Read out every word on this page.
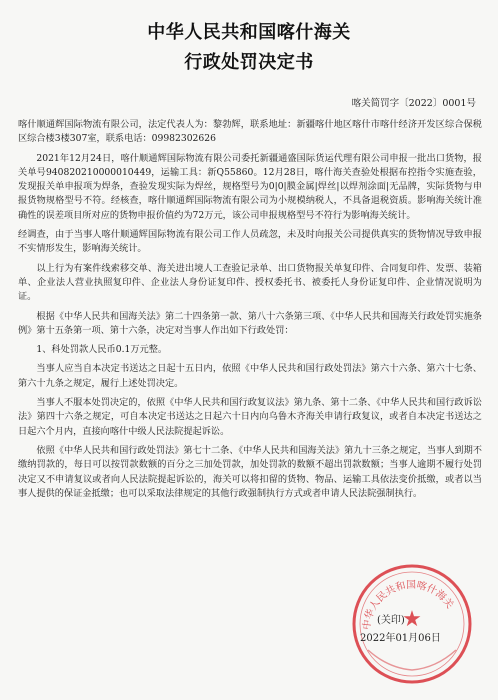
中华人民共和国喀什海关
行政处罚决定书
喀关简罚字〔2022〕0001号

喀什顺通辉国际物流有限公司，法定代表人为：黎勃辉，联系地址：新疆喀什地区喀什市喀什经济开发区综合保税区综合楼3楼307室，联系电话：09982302626

2021年12月24日，喀什顺通辉国际物流有限公司委托新疆通盛国际货运代理有限公司申报一批出口货物，报关单号940820210000010449，运输工具：新Q55860。12月28日，喀什海关查验处根据布控指令实施查验，发现报关单申报项为焊条，查验发现实际为焊丝，规格型号为0|0|膜金属|焊丝|以焊剂涂面|无品牌，实际货物与申报货物规格型号不符。经核查，喀什顺通辉国际物流有限公司为小规模纳税人，不具备退税资质。影响海关统计准确性的误差项目所对应的货物申报价值约为72万元，该公司申报规格型号不符行为影响海关统计。

经调查，由于当事人喀什顺通辉国际物流有限公司工作人员疏忽，未及时向报关公司提供真实的货物情况导致申报不实情形发生，影响海关统计。

以上行为有案件线索移交单、海关进出境人工查验记录单、出口货物报关单复印件、合同复印件、发票、装箱单、企业法人营业执照复印件、企业法人身份证复印件、授权委托书、被委托人身份证复印件、企业情况说明为证。

根据《中华人民共和国海关法》第二十四条第一款、第八十六条第三项、《中华人民共和国海关行政处罚实施条例》第十五条第一项、第十六条，决定对当事人作出如下行政处罚：

1、科处罚款人民币0.1万元整。

当事人应当自本决定书送达之日起十五日内，依照《中华人民共和国行政处罚法》第六十六条、第六十七条、第六十九条之规定，履行上述处罚决定。

当事人不服本处罚决定的，依照《中华人民共和国行政复议法》第九条、第十二条、《中华人民共和国行政诉讼法》第四十六条之规定，可自本决定书送达之日起六十日内向乌鲁木齐海关申请行政复议，或者自本决定书送达之日起六个月内，直接向喀什中级人民法院提起诉讼。

依照《中华人民共和国行政处罚法》第七十二条、《中华人民共和国海关法》第九十三条之规定，当事人到期不缴纳罚款的，每日可以按罚款数额的百分之三加处罚款，加处罚款的数额不超出罚款数额；当事人逾期不履行处罚决定又不申请复议或者向人民法院提起诉讼的，海关可以将扣留的货物、物品、运输工具依法变价抵缴，或者以当事人提供的保证金抵缴；也可以采取法律规定的其他行政强制执行方式或者申请人民法院强制执行。

中华人民共和国喀什海关
★
(关印)
2022年01月06日
